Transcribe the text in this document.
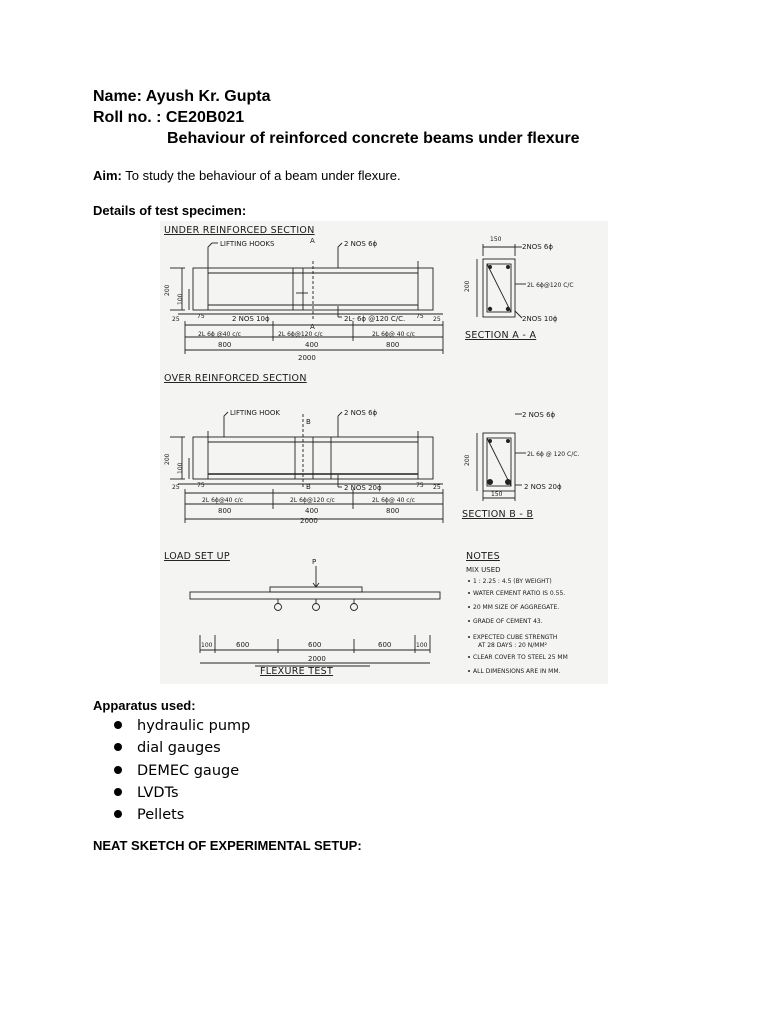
Name: Ayush Kr. Gupta
Roll no. : CE20B021
Behaviour of reinforced concrete beams under flexure
Aim: To study the behaviour of a beam under flexure.
Details of test specimen:
UNDER REINFORCED SECTION
LIFTING HOOKS	A
A
2 NOS 6ϕ
200
100
2 NOS 10ϕ	2L- 6ϕ @120 C/C.
25	75	75 25
2L 6ϕ @40 c/c	2L 6ϕ@120 c/c	2L 6ϕ@ 40 c/c
800	400	800
2000
150
2NOS 6ϕ
200	2L 6ϕ@120 C/C
2NOS 10ϕ
SECTION A - A
OVER REINFORCED SECTION
LIFTING HOOK
B
B
2 NOS 6ϕ
200
100
2 NOS 20ϕ
25	75	75 25
2L 6ϕ@40 c/c	2L 6ϕ@120 c/c	2L 6ϕ@ 40 c/c
800	400	800
2000
2 NOS 6ϕ
200
2L 6ϕ @ 120 C/C.
2 NOS 20ϕ
150
SECTION B - B
LOAD SET UP	P
100	600	600	600	100
2000
FLEXURE TEST
NOTES
MIX USED
1 : 2.25 : 4.5 (BY WEIGHT)
WATER CEMENT RATIO IS 0.55.
20 MM SIZE OF AGGREGATE.
GRADE OF CEMENT 43.
EXPECTED CUBE STRENGTH
AT 28 DAYS : 20 N/MM²
CLEAR COVER TO STEEL 25 MM
ALL DIMENSIONS ARE IN MM.
Apparatus used:
hydraulic pump
dial gauges
DEMEC gauge
LVDTs
Pellets
NEAT SKETCH OF EXPERIMENTAL SETUP:
